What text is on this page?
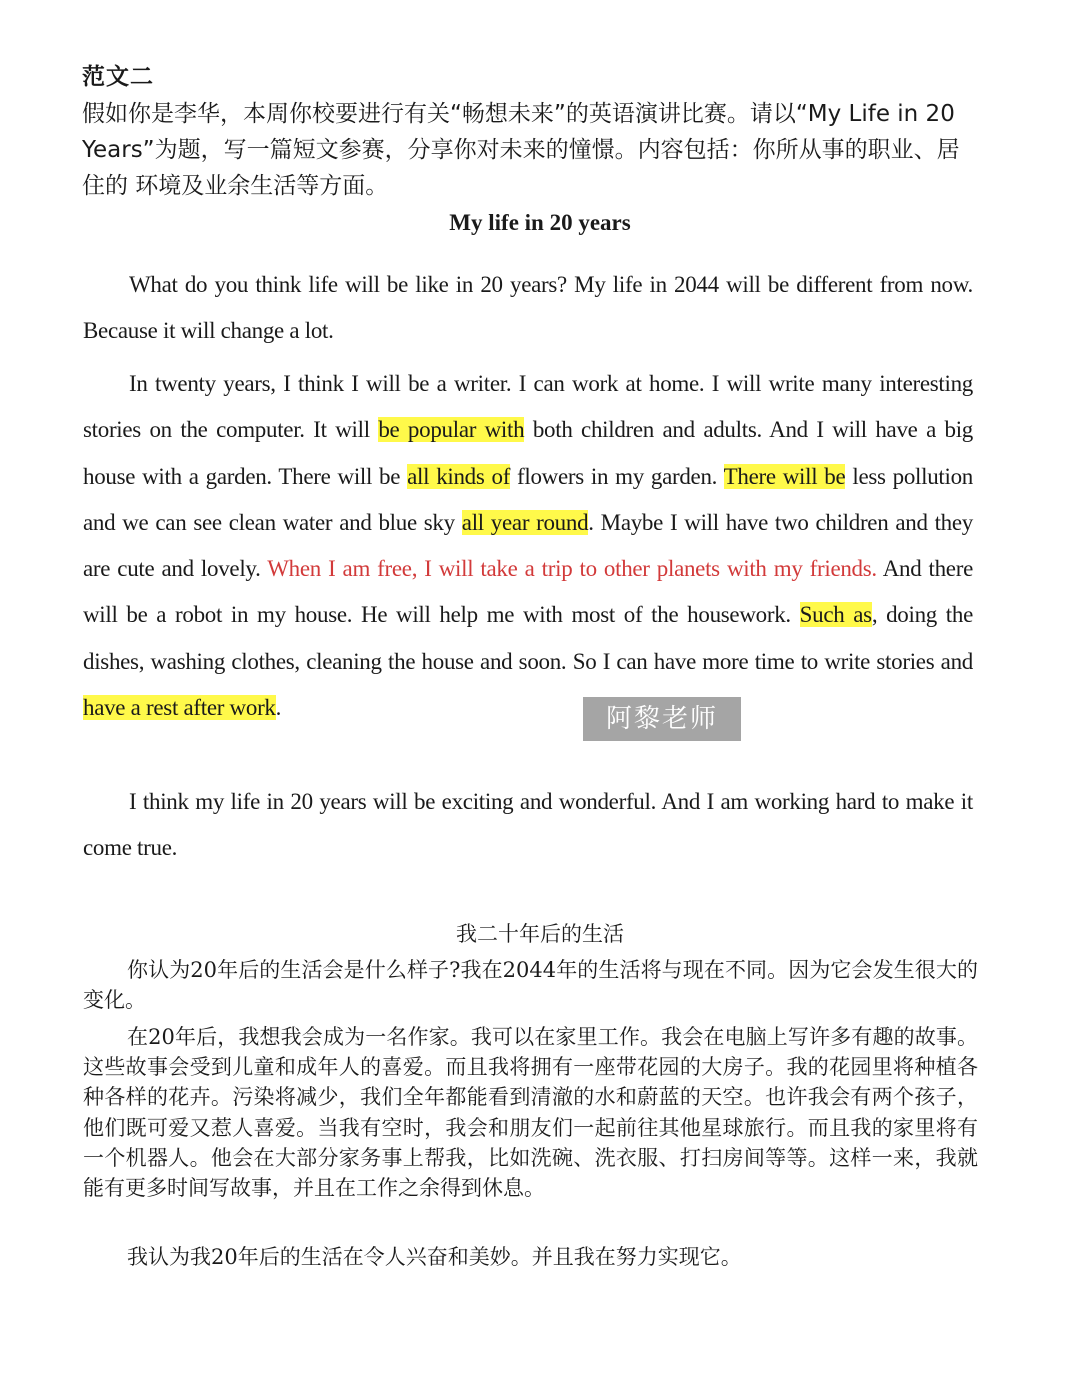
范文二
假如你是李华，本周你校要进行有关“畅想未来”的英语演讲比赛。请以“My Life in 20 Years”为题，写一篇短文参赛，分享你对未来的憧憬。内容包括：你所从事的职业、居住的 环境及业余生活等方面。
My life in 20 years
What do you think life will be like in 20 years? My life in 2044 will be different from now. Because it will change a lot.
In twenty years, I think I will be a writer. I can work at home. I will write many interesting stories on the computer. It will be popular with both children and adults. And I will have a big house with a garden. There will be all kinds of flowers in my garden. There will be less pollution and we can see clean water and blue sky all year round. Maybe I will have two children and they are cute and lovely. When I am free, I will take a trip to other planets with my friends. And there will be a robot in my house. He will help me with most of the housework. Such as, doing the dishes, washing clothes, cleaning the house and soon. So I can have more time to write stories and have a rest after work.
I think my life in 20 years will be exciting and wonderful. And I am working hard to make it come true.
阿黎老师
我二十年后的生活
你认为20年后的生活会是什么样子?我在2044年的生活将与现在不同。因为它会发生很大的变化。
在20年后，我想我会成为一名作家。我可以在家里工作。我会在电脑上写许多有趣的故事。这些故事会受到儿童和成年人的喜爱。而且我将拥有一座带花园的大房子。我的花园里将种植各种各样的花卉。污染将减少，我们全年都能看到清澈的水和蔚蓝的天空。也许我会有两个孩子，他们既可爱又惹人喜爱。当我有空时，我会和朋友们一起前往其他星球旅行。而且我的家里将有一个机器人。他会在大部分家务事上帮我，比如洗碗、洗衣服、打扫房间等等。这样一来，我就能有更多时间写故事，并且在工作之余得到休息。
我认为我20年后的生活在令人兴奋和美妙。并且我在努力实现它。
